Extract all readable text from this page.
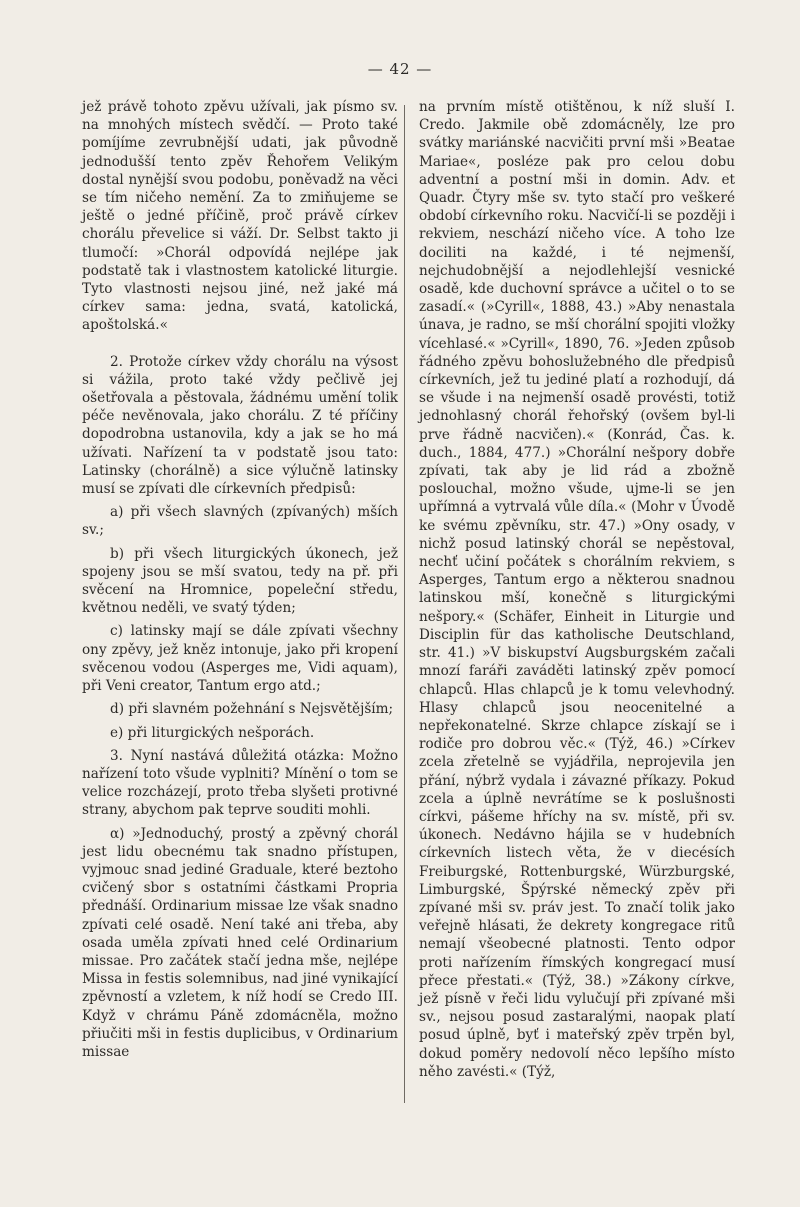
— 42 —

jež právě tohoto zpěvu užívali, jak písmo sv. na mnohých místech svědčí. — Proto také pomíjíme zevrubnější udati, jak původně jednodušší tento zpěv Řehořem Velikým dostal nynější svou podobu, poněvadž na věci se tím ničeho nemění. Za to zmiňujeme se ještě o jedné příčině, proč právě církev chorálu převelice si váží. Dr. Selbst takto ji tlumočí: »Chorál odpovídá nejlépe jak podstatě tak i vlastnostem katolické liturgie. Tyto vlastnosti nejsou jiné, než jaké má církev sama: jedna, svatá, katolická, apoštolská.«

2. Protože církev vždy chorálu na výsost si vážila, proto také vždy pečlivě jej ošetřovala a pěstovala, žádnému umění tolik péče nevěnovala, jako chorálu. Z té příčiny dopodrobna ustanovila, kdy a jak se ho má užívati. Nařízení ta v podstatě jsou tato: Latinsky (chorálně) a sice výlučně latinsky musí se zpívati dle církevních předpisů:

a) při všech slavných (zpívaných) mších sv.;

b) při všech liturgických úkonech, jež spojeny jsou se mší svatou, tedy na př. při svěcení na Hromnice, popeleční středu, květnou neděli, ve svatý týden;

c) latinsky mají se dále zpívati všechny ony zpěvy, jež kněz intonuje, jako při kropení svěcenou vodou (Asperges me, Vidi aquam), při Veni creator, Tantum ergo atd.;

d) při slavném požehnání s Nejsvětějším;

e) při liturgických nešporách.

3. Nyní nastává důležitá otázka: Možno nařízení toto všude vyplniti? Mínění o tom se velice rozcházejí, proto třeba slyšeti protivné strany, abychom pak teprve souditi mohli.

α) »Jednoduchý, prostý a zpěvný chorál jest lidu obecnému tak snadno přístupen, vyjmouc snad jediné Graduale, které beztoho cvičený sbor s ostatními částkami Propria přednáší. Ordinarium missae lze však snadno zpívati celé osadě. Není také ani třeba, aby osada uměla zpívati hned celé Ordinarium missae. Pro začátek stačí jedna mše, nejlépe Missa in festis solemnibus, nad jiné vynikající zpěvností a vzletem, k níž hodí se Credo III. Když v chrámu Páně zdomácněla, možno přiučiti mši in festis duplicibus, v Ordinarium missae

na prvním místě otištěnou, k níž sluší I. Credo. Jakmile obě zdomácněly, lze pro svátky mariánské nacvičiti první mši »Beatae Mariae«, posléze pak pro celou dobu adventní a postní mši in domin. Adv. et Quadr. Čtyry mše sv. tyto stačí pro veškeré období církevního roku. Nacvičí-li se později i rekviem, neschází ničeho více. A toho lze dociliti na každé, i té nejmenší, nejchudobnější a nejodlehlejší vesnické osadě, kde duchovní správce a učitel o to se zasadí.« (»Cyrill«, 1888, 43.) »Aby nenastala únava, je radno, se mší chorální spojiti vložky vícehlasé.« »Cyrill«, 1890, 76. »Jeden způsob řádného zpěvu bohoslužebného dle předpisů církevních, jež tu jediné platí a rozhodují, dá se všude i na nejmenší osadě provésti, totiž jednohlasný chorál řehořský (ovšem byl-li prve řádně nacvičen).« (Konrád, Čas. k. duch., 1884, 477.) »Chorální nešpory dobře zpívati, tak aby je lid rád a zbožně poslouchal, možno všude, ujme-li se jen upřímná a vytrvalá vůle díla.« (Mohr v Úvodě ke svému zpěvníku, str. 47.) »Ony osady, v nichž posud latinský chorál se nepěstoval, nechť učiní počátek s chorálním rekviem, s Asperges, Tantum ergo a některou snadnou latinskou mší, konečně s liturgickými nešpory.« (Schäfer, Einheit in Liturgie und Disciplin für das katholische Deutschland, str. 41.) »V biskupství Augsburgském začali mnozí faráři zaváděti latinský zpěv pomocí chlapců. Hlas chlapců je k tomu velevhodný. Hlasy chlapců jsou neocenitelné a nepřekonatelné. Skrze chlapce získají se i rodiče pro dobrou věc.« (Týž, 46.) »Církev zcela zřetelně se vyjádřila, neprojevila jen přání, nýbrž vydala i závazné příkazy. Pokud zcela a úplně nevrátíme se k poslušnosti církvi, pášeme hříchy na sv. místě, při sv. úkonech. Nedávno hájila se v hudebních církevních listech věta, že v diecésích Freiburgské, Rottenburgské, Würzburgské, Limburgské, Špýrské německý zpěv při zpívané mši sv. práv jest. To značí tolik jako veřejně hlásati, že dekrety kongregace ritů nemají všeobecné platnosti. Tento odpor proti nařízením římských kongregací musí přece přestati.« (Týž, 38.) »Zákony církve, jež písně v řeči lidu vylučují při zpívané mši sv., nejsou posud zastaralými, naopak platí posud úplně, byť i mateřský zpěv trpěn byl, dokud poměry nedovolí něco lepšího místo něho zavésti.« (Týž,
